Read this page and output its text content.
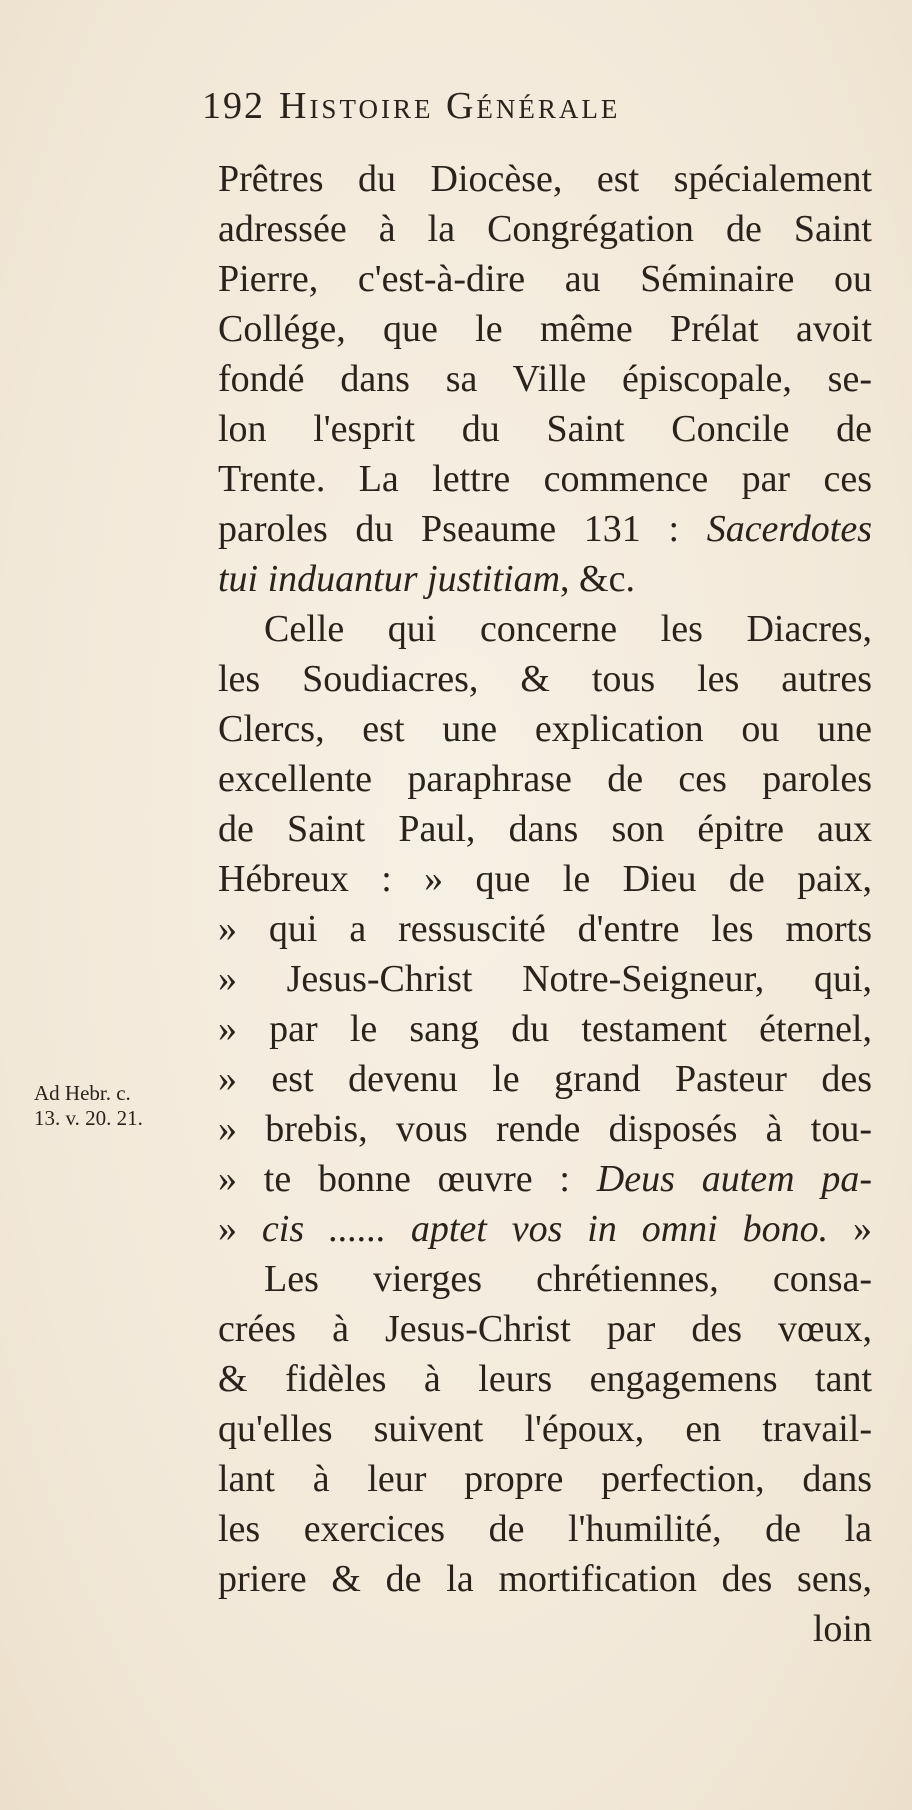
192 Histoire Générale
Ad Hebr. c.
13. v. 20. 21.
Prêtres du Diocèse, est spécialement
adressée à la Congrégation de Saint
Pierre, c'est-à-dire au Séminaire ou
Collége, que le même Prélat avoit
fondé dans sa Ville épiscopale, se-
lon l'esprit du Saint Concile de
Trente. La lettre commence par ces
paroles du Pseaume 131 : Sacerdotes
tui induantur justitiam, &c.
Celle qui concerne les Diacres,
les Soudiacres, & tous les autres
Clercs, est une explication ou une
excellente paraphrase de ces paroles
de Saint Paul, dans son épitre aux
Hébreux : » que le Dieu de paix,
» qui a ressuscité d'entre les morts
» Jesus-Christ Notre-Seigneur, qui,
» par le sang du testament éternel,
» est devenu le grand Pasteur des
» brebis, vous rende disposés à tou-
» te bonne œuvre : Deus autem pa-
» cis ...... aptet vos in omni bono. »
Les vierges chrétiennes, consa-
crées à Jesus-Christ par des vœux,
& fidèles à leurs engagemens tant
qu'elles suivent l'époux, en travail-
lant à leur propre perfection, dans
les exercices de l'humilité, de la
priere & de la mortification des sens,
loin
